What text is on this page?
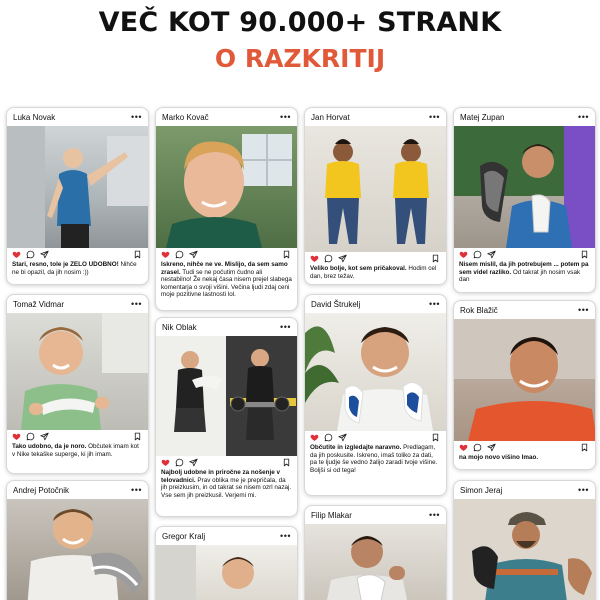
VEČ KOT 90.000+ STRANK
O RAZKRITIJ
Luka Novak	•••
Stari, resno, tole je ZELO UDOBNO! Nihče ne bi opazil, da jih nosim :))
Tomaž Vidmar	•••
Tako udobno, da je noro. Občutek imam kot v Nike tekaške superge, ki jih imam.
Andrej Potočnik	•••
Marko Kovač	•••
Iskreno, nihče ne ve. Mislijo, da sem samo zrasel. Tudi se ne počutim čudno ali nestabilno! Že nekaj časa nisem prejel slabega komentarja o svoji višini. Večina ljudi zdaj ceni moje pozitivne lastnosti lol.
Nik Oblak	•••
Najbolj udobne in priročne za nošenje v telovadnici. Prav oblika me je prepričala, da jih preizkusim, in od takrat se nisem ozrl nazaj. Vse sem jih preizkusil. Verjemi mi.
Gregor Kralj	•••
Jan Horvat	•••
Veliko bolje, kot sem pričakoval. Hodim cel dan, brez težav.
David Štrukelj	•••
Občutite in izgledajte naravno. Predlagam, da jih poskusite. Iskreno, imaš toliko za dati, pa te ljudje še vedno žalijo zaradi tvoje višine. Boljši si od tega!
Filip Mlakar	•••
Matej Zupan	•••
Nisem mislil, da jih potrebujem ... potem pa sem videl razliko. Od takrat jih nosim vsak dan
Rok Blažič	•••
na mojo novo višino lmao.
Simon Jeraj	•••
